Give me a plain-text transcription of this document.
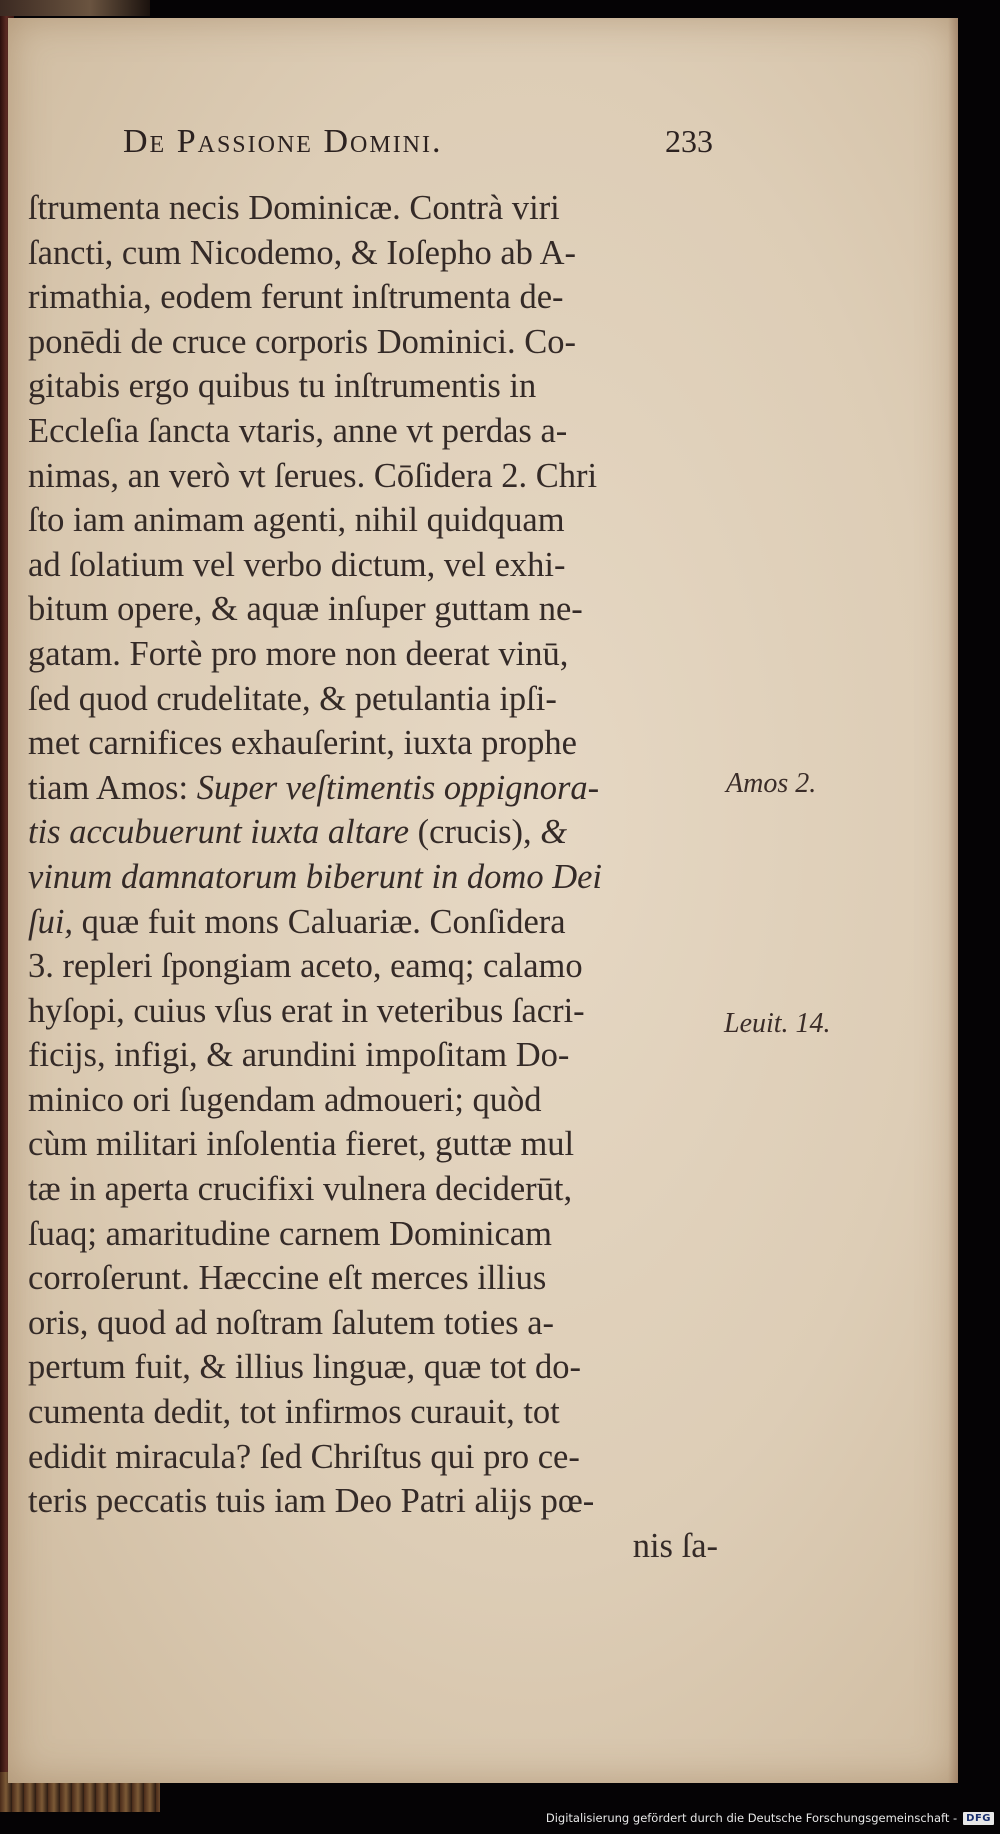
De Passione Domini.	233
ſtrumenta necis Dominicæ. Contrà viri
ſancti, cum Nicodemo, & Ioſepho ab A-
rimathia, eodem ferunt inſtrumenta de-
ponēdi de cruce corporis Dominici. Co-
gitabis ergo quibus tu inſtrumentis in
Eccleſia ſancta vtaris, anne vt perdas a-
nimas, an verò vt ſerues. Cōſidera 2. Chri
ſto iam animam agenti, nihil quidquam
ad ſolatium vel verbo dictum, vel exhi-
bitum opere, & aquæ inſuper guttam ne-
gatam. Fortè pro more non deerat vinū,
ſed quod crudelitate, & petulantia ipſi-
met carnifices exhauſerint, iuxta prophe
tiam Amos: Super veſtimentis oppignora-
tis accubuerunt iuxta altare (crucis), &
vinum damnatorum biberunt in domo Dei
ſui, quæ fuit mons Caluariæ. Conſidera
3. repleri ſpongiam aceto, eamq; calamo
hyſopi, cuius vſus erat in veteribus ſacri-
ficijs, infigi, & arundini impoſitam Do-
minico ori ſugendam admoueri; quòd
cùm militari inſolentia fieret, guttæ mul
tæ in aperta crucifixi vulnera deciderūt,
ſuaq; amaritudine carnem Dominicam
corroſerunt. Hæccine eſt merces illius
oris, quod ad noſtram ſalutem toties a-
pertum fuit, & illius linguæ, quæ tot do-
cumenta dedit, tot infirmos curauit, tot
edidit miracula? ſed Chriſtus qui pro ce-
teris peccatis tuis iam Deo Patri alijs pœ-
nis ſa-
Amos 2.
Leuit. 14.
Digitalisierung gefördert durch die Deutsche Forschungsgemeinschaft - DFG
